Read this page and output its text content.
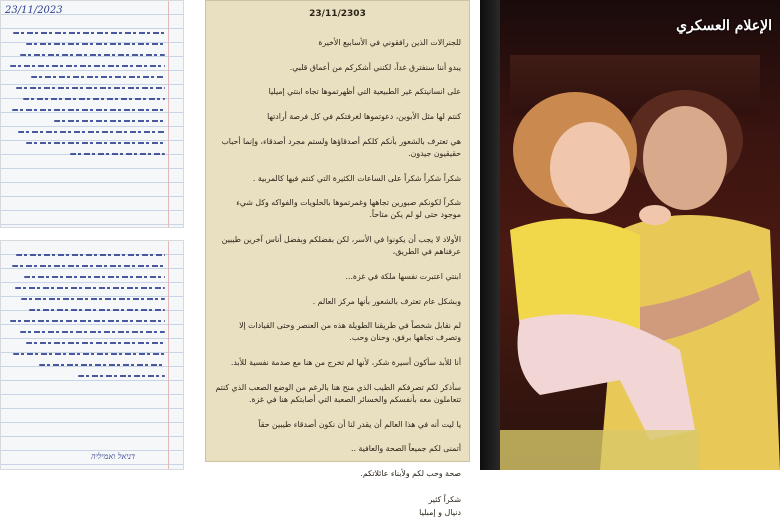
23/11/2023
דניאל ואמיליה
23/11/2303

للجنرالات الذين رافقوني في الأسابيع الأخيرة

يبدو أننا سنفترق غداً، لكنني أشكركم من أعماق قلبي.

على انسانيتكم غير الطبيعية التي أظهرتموها تجاه ابنتي إميليا

كنتم لها مثل الأبوين، دعوتموها لغرفتكم في كل فرصة أرادتها

هي تعترف بالشعور بأنكم كلكم أصدقاؤها ولستم مجرد أصدقاء، وإنما أحباب حقيقيون جيدون.

شكراً شكراً شكراً على الساعات الكثيرة التي كنتم فيها كالمربية .

شكراً لكونكم صبورين تجاهها وغمرتموها بالحلويات والفواكه وكل شيء موجود حتى لو لم يكن متاحاً.

الأولاد لا يجب أن يكونوا في الأسر، لكن بفضلكم وبفضل أناس آخرين طيبين عرفناهم في الطريق،

ابنتي اعتبرت نفسها ملكة في غزة...

وبشكل عام تعترف بالشعور بأنها مركز العالم .

لم نقابل شخصاً في طريقنا الطويلة هذه من العنصر وحتى القيادات إلا وتصرف تجاهها برفق، وحنان وحب.

أنا للأبد سأكون أسيرة شكر، لأنها لم تخرج من هنا مع صدمة نفسية للأبد.

سأذكر لكم تصرفكم الطيب الذي منح هنا بالرغم من الوضع الصعب الذي كنتم تتعاملون معه بأنفسكم والخسائر الصعبة التي أصابتكم هنا في غزة.

يا ليت أنه في هذا العالم أن يقدر لنا أن نكون أصدقاء طيبين حقاً

أتمنى لكم جميعاً الصحة والعافية ..

صحة وحب لكم ولأبناء عائلاتكم.

شكراً كثير
دنيال و إمبليا
الإعلام العسكري
